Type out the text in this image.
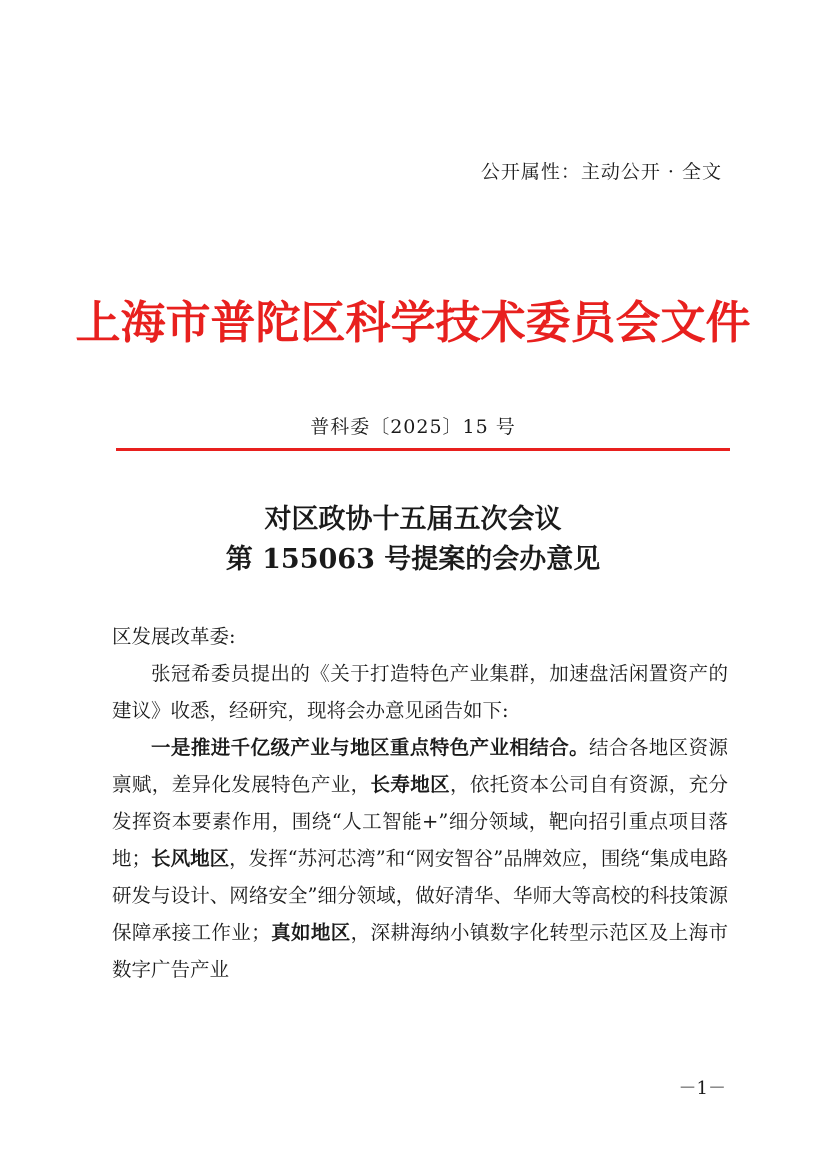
公开属性：主动公开 · 全文
上海市普陀区科学技术委员会文件
普科委〔2025〕15 号
对区政协十五届五次会议
第 155063 号提案的会办意见

区发展改革委:

张冠希委员提出的《关于打造特色产业集群，加速盘活闲置资产的建议》收悉，经研究，现将会办意见函告如下:

一是推进千亿级产业与地区重点特色产业相结合。结合各地区资源禀赋，差异化发展特色产业，长寿地区，依托资本公司自有资源，充分发挥资本要素作用，围绕“人工智能+”细分领域，靶向招引重点项目落地；长风地区，发挥“苏河芯湾”和“网安智谷”品牌效应，围绕“集成电路研发与设计、网络安全”细分领域，做好清华、华师大等高校的科技策源保障承接工作业；真如地区，深耕海纳小镇数字化转型示范区及上海市数字广告产业

－1－
